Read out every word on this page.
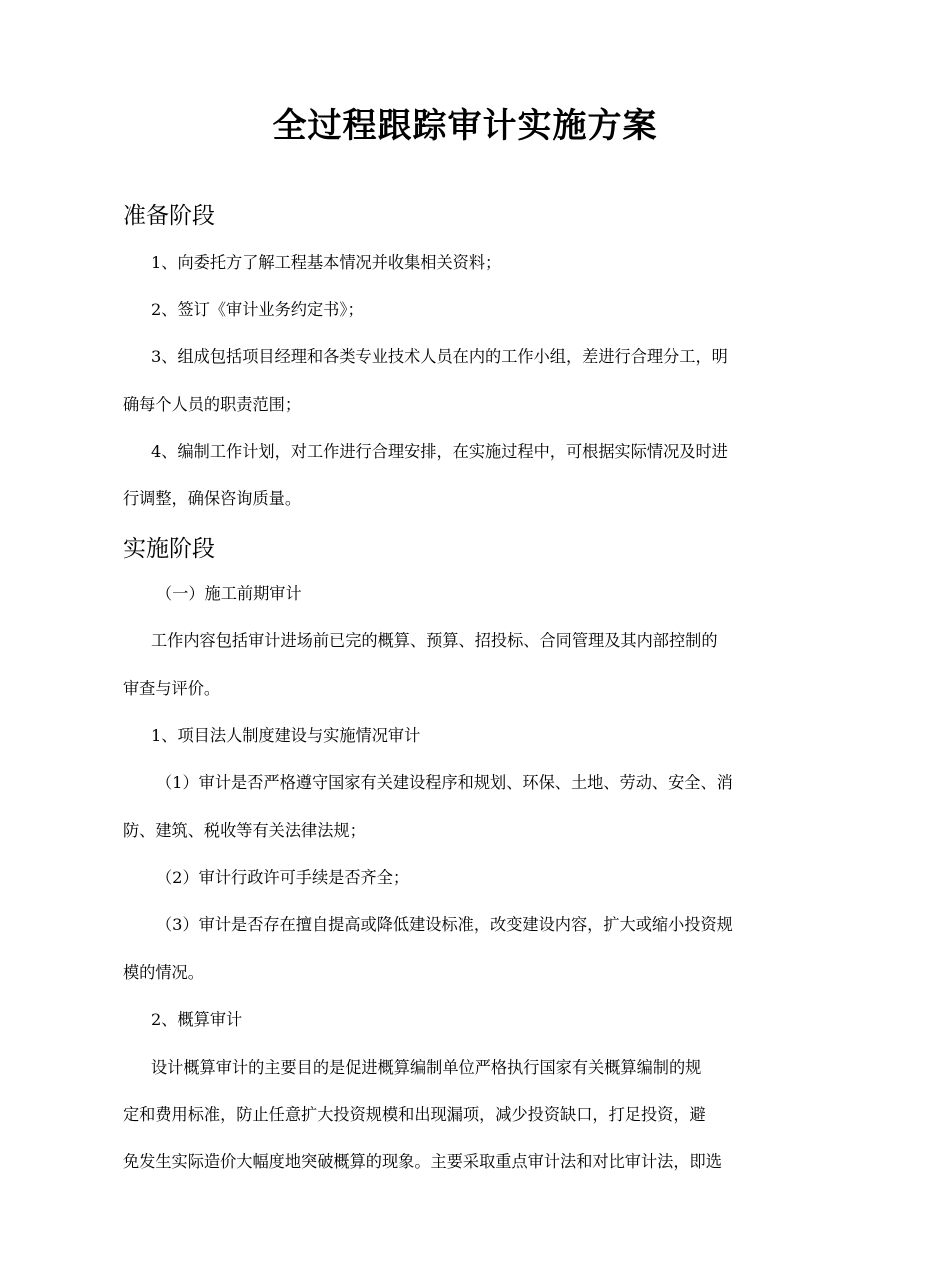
全过程跟踪审计实施方案
准备阶段
1、向委托方了解工程基本情况并收集相关资料；
2、签订《审计业务约定书》；
3、组成包括项目经理和各类专业技术人员在内的工作小组，差进行合理分工，明
确每个人员的职责范围；
4、编制工作计划，对工作进行合理安排，在实施过程中，可根据实际情况及时进
行调整，确保咨询质量。
实施阶段
（一）施工前期审计
工作内容包括审计进场前已完的概算、预算、招投标、合同管理及其内部控制的
审查与评价。
1、项目法人制度建设与实施情况审计
（1）审计是否严格遵守国家有关建设程序和规划、环保、土地、劳动、安全、消
防、建筑、税收等有关法律法规；
（2）审计行政许可手续是否齐全；
（3）审计是否存在擅自提高或降低建设标准，改变建设内容，扩大或缩小投资规
模的情况。
2、概算审计
设计概算审计的主要目的是促进概算编制单位严格执行国家有关概算编制的规
定和费用标准，防止任意扩大投资规模和出现漏项，减少投资缺口，打足投资，避
免发生实际造价大幅度地突破概算的现象。主要采取重点审计法和对比审计法，即选
